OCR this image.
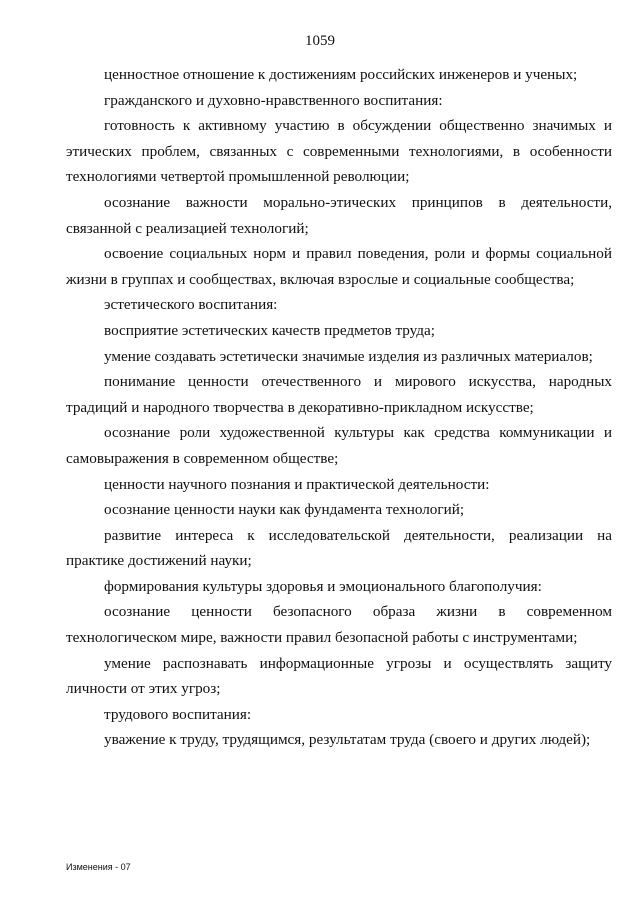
1059

ценностное отношение к достижениям российских инженеров и ученых;

гражданского и духовно-нравственного воспитания:

готовность к активному участию в обсуждении общественно значимых и этических проблем, связанных с современными технологиями, в особенности технологиями четвертой промышленной революции;

осознание важности морально-этических принципов в деятельности, связанной с реализацией технологий;

освоение социальных норм и правил поведения, роли и формы социальной жизни в группах и сообществах, включая взрослые и социальные сообщества;

эстетического воспитания:

восприятие эстетических качеств предметов труда;

умение создавать эстетически значимые изделия из различных материалов;

понимание ценности отечественного и мирового искусства, народных традиций и народного творчества в декоративно-прикладном искусстве;

осознание роли художественной культуры как средства коммуникации и самовыражения в современном обществе;

ценности научного познания и практической деятельности:

осознание ценности науки как фундамента технологий;

развитие интереса к исследовательской деятельности, реализации на практике достижений науки;

формирования культуры здоровья и эмоционального благополучия:

осознание ценности безопасного образа жизни в современном технологическом мире, важности правил безопасной работы с инструментами;

умение распознавать информационные угрозы и осуществлять защиту личности от этих угроз;

трудового воспитания:

уважение к труду, трудящимся, результатам труда (своего и других людей);

Изменения - 07
